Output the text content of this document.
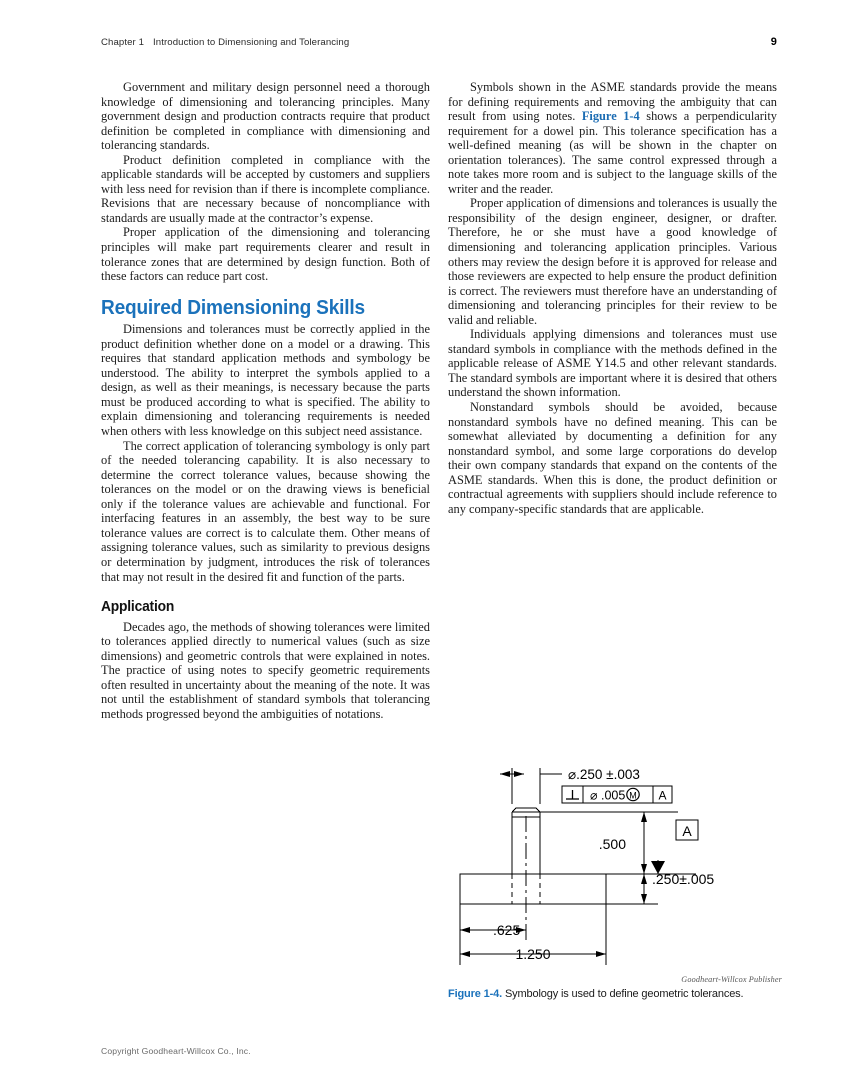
Chapter 1 Introduction to Dimensioning and Tolerancing	9

Government and military design personnel need a thorough knowledge of dimensioning and tolerancing principles. Many government design and production contracts require that product definition be completed in compliance with dimensioning and tolerancing standards.

Product definition completed in compliance with the applicable standards will be accepted by customers and suppliers with less need for revision than if there is incomplete compliance. Revisions that are necessary because of noncompliance with standards are usually made at the contractor’s expense.

Proper application of the dimensioning and tolerancing principles will make part requirements clearer and result in tolerance zones that are determined by design function. Both of these factors can reduce part cost.

Required Dimensioning Skills

Dimensions and tolerances must be correctly applied in the product definition whether done on a model or a drawing. This requires that standard application methods and symbology be understood. The ability to interpret the symbols applied to a design, as well as their meanings, is necessary because the parts must be produced according to what is specified. The ability to explain dimensioning and tolerancing requirements is needed when others with less knowledge on this subject need assistance.

The correct application of tolerancing symbology is only part of the needed tolerancing capability. It is also necessary to determine the correct tolerance values, because showing the tolerances on the model or on the drawing views is beneficial only if the tolerance values are achievable and functional. For interfacing features in an assembly, the best way to be sure tolerance values are correct is to calculate them. Other means of assigning tolerance values, such as similarity to previous designs or determination by judgment, introduces the risk of tolerances that may not result in the desired fit and function of the parts.

Application

Decades ago, the methods of showing tolerances were limited to tolerances applied directly to numerical values (such as size dimensions) and geometric controls that were explained in notes. The practice of using notes to specify geometric requirements often resulted in uncertainty about the meaning of the note. It was not until the establishment of standard symbols that tolerancing methods progressed beyond the ambiguities of notations.

Symbols shown in the ASME standards provide the means for defining requirements and removing the ambiguity that can result from using notes. Figure 1-4 shows a perpendicularity requirement for a dowel pin. This tolerance specification has a well-defined meaning (as will be shown in the chapter on orientation tolerances). The same control expressed through a note takes more room and is subject to the language skills of the writer and the reader.

Proper application of dimensions and tolerances is usually the responsibility of the design engineer, designer, or drafter. Therefore, he or she must have a good knowledge of dimensioning and tolerancing application principles. Various others may review the design before it is approved for release and those reviewers are expected to help ensure the product definition is correct. The reviewers must therefore have an understanding of dimensioning and tolerancing principles for their review to be valid and reliable.

Individuals applying dimensions and tolerances must use standard symbols in compliance with the methods defined in the applicable release of ASME Y14.5 and other relevant standards. The standard symbols are important where it is desired that others understand the shown information.

Nonstandard symbols should be avoided, because nonstandard symbols have no defined meaning. This can be somewhat alleviated by documenting a definition for any nonstandard symbol, and some large corporations do develop their own company standards that expand on the contents of the ASME standards. When this is done, the product definition or contractual agreements with suppliers should include reference to any company-specific standards that are applicable.

⌀.250 ±.003
⌀ .005 M A
.500
A
.250±.005
.625
1.250
Goodheart-Willcox Publisher
Figure 1-4. Symbology is used to define geometric tolerances.
Copyright Goodheart-Willcox Co., Inc.
